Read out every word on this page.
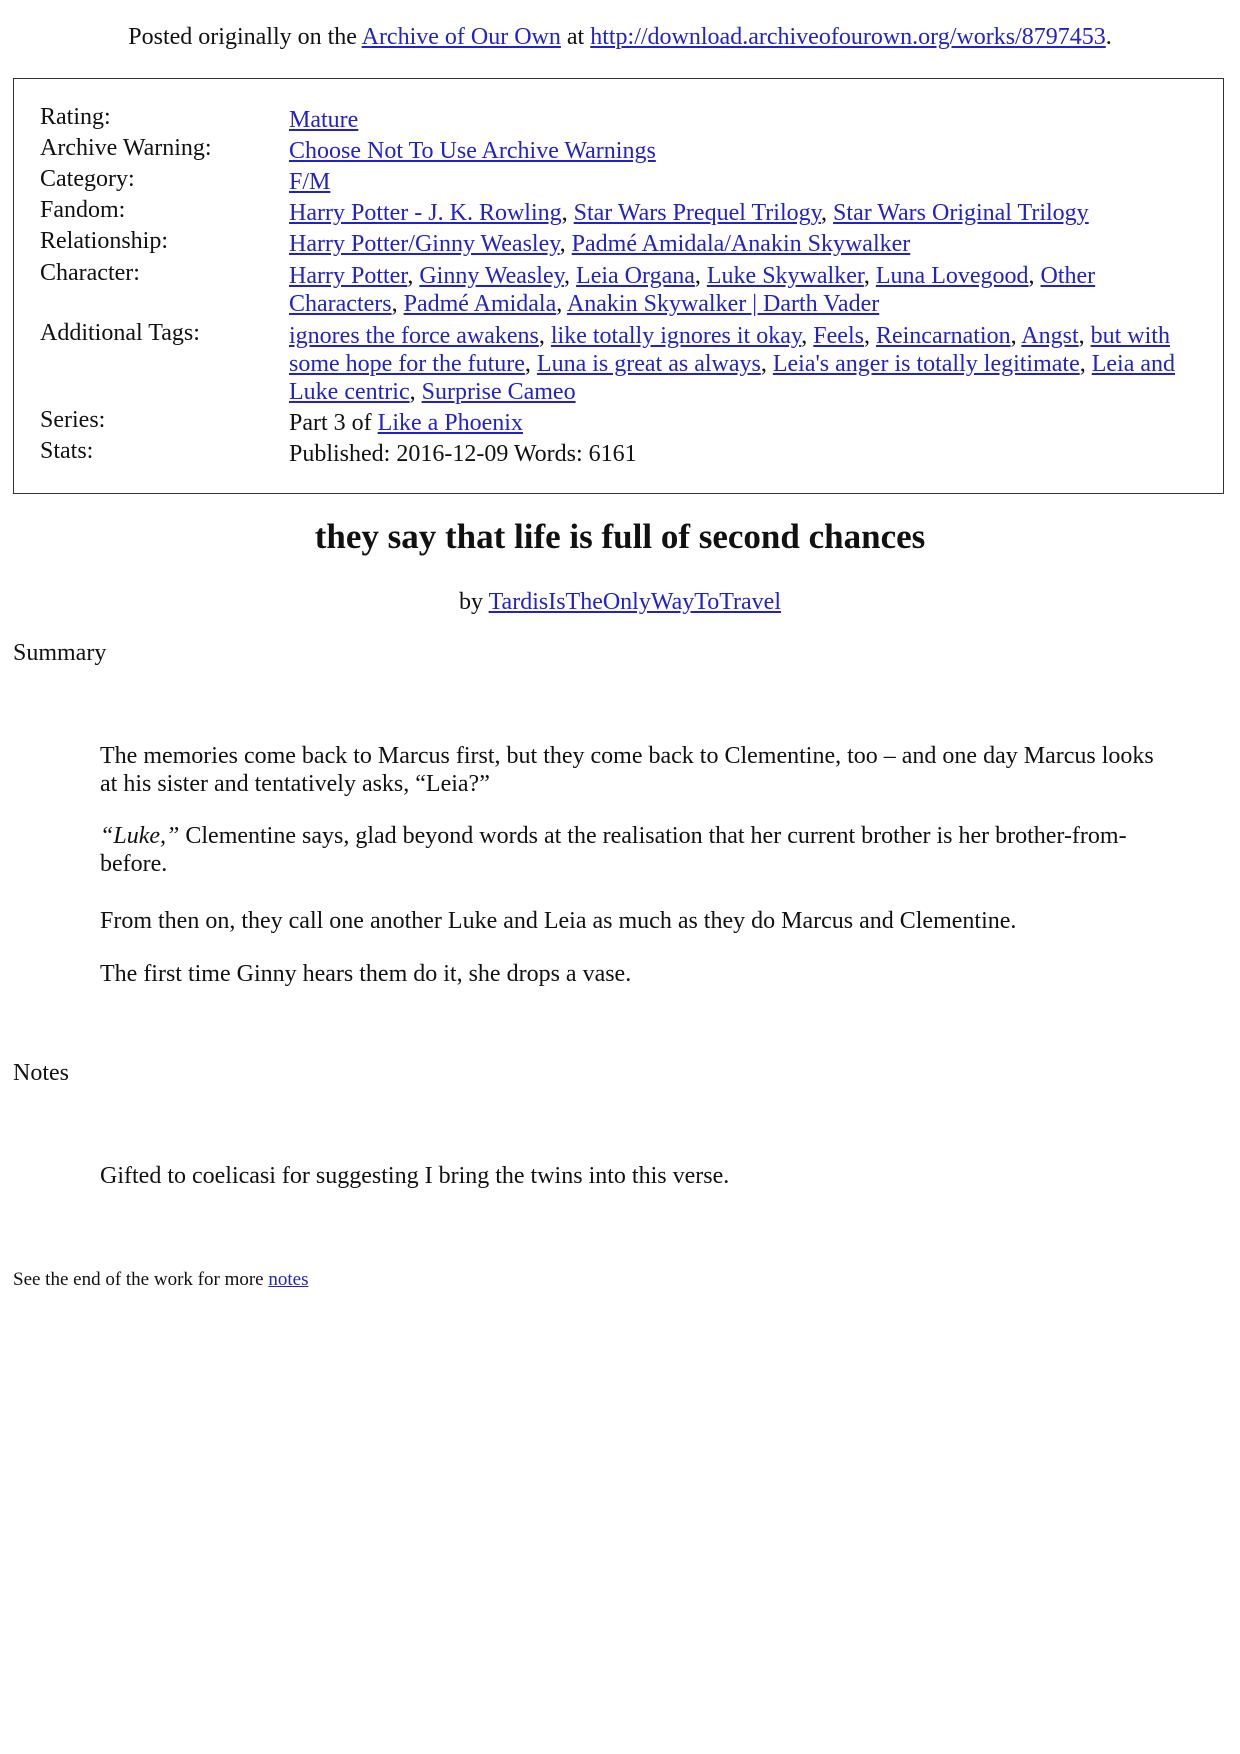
Posted originally on the Archive of Our Own at http://download.archiveofourown.org/works/8797453.
Rating:	Mature
Archive Warning:	Choose Not To Use Archive Warnings
Category:	F/M
Fandom:	Harry Potter - J. K. Rowling, Star Wars Prequel Trilogy, Star Wars Original Trilogy
Relationship:	Harry Potter/Ginny Weasley, Padmé Amidala/Anakin Skywalker
Character:	Harry Potter, Ginny Weasley, Leia Organa, Luke Skywalker, Luna Lovegood, Other Characters, Padmé Amidala, Anakin Skywalker | Darth Vader
Additional Tags:	ignores the force awakens, like totally ignores it okay, Feels, Reincarnation, Angst, but with some hope for the future, Luna is great as always, Leia's anger is totally legitimate, Leia and Luke centric, Surprise Cameo
Series:	Part 3 of Like a Phoenix
Stats:	Published: 2016-12-09 Words: 6161
they say that life is full of second chances
by TardisIsTheOnlyWayToTravel
Summary

The memories come back to Marcus first, but they come back to Clementine, too – and one day Marcus looks at his sister and tentatively asks, “Leia?”

“Luke,” Clementine says, glad beyond words at the realisation that her current brother is her brother-from-before.

From then on, they call one another Luke and Leia as much as they do Marcus and Clementine.

The first time Ginny hears them do it, she drops a vase.

Notes

Gifted to coelicasi for suggesting I bring the twins into this verse.

See the end of the work for more notes
